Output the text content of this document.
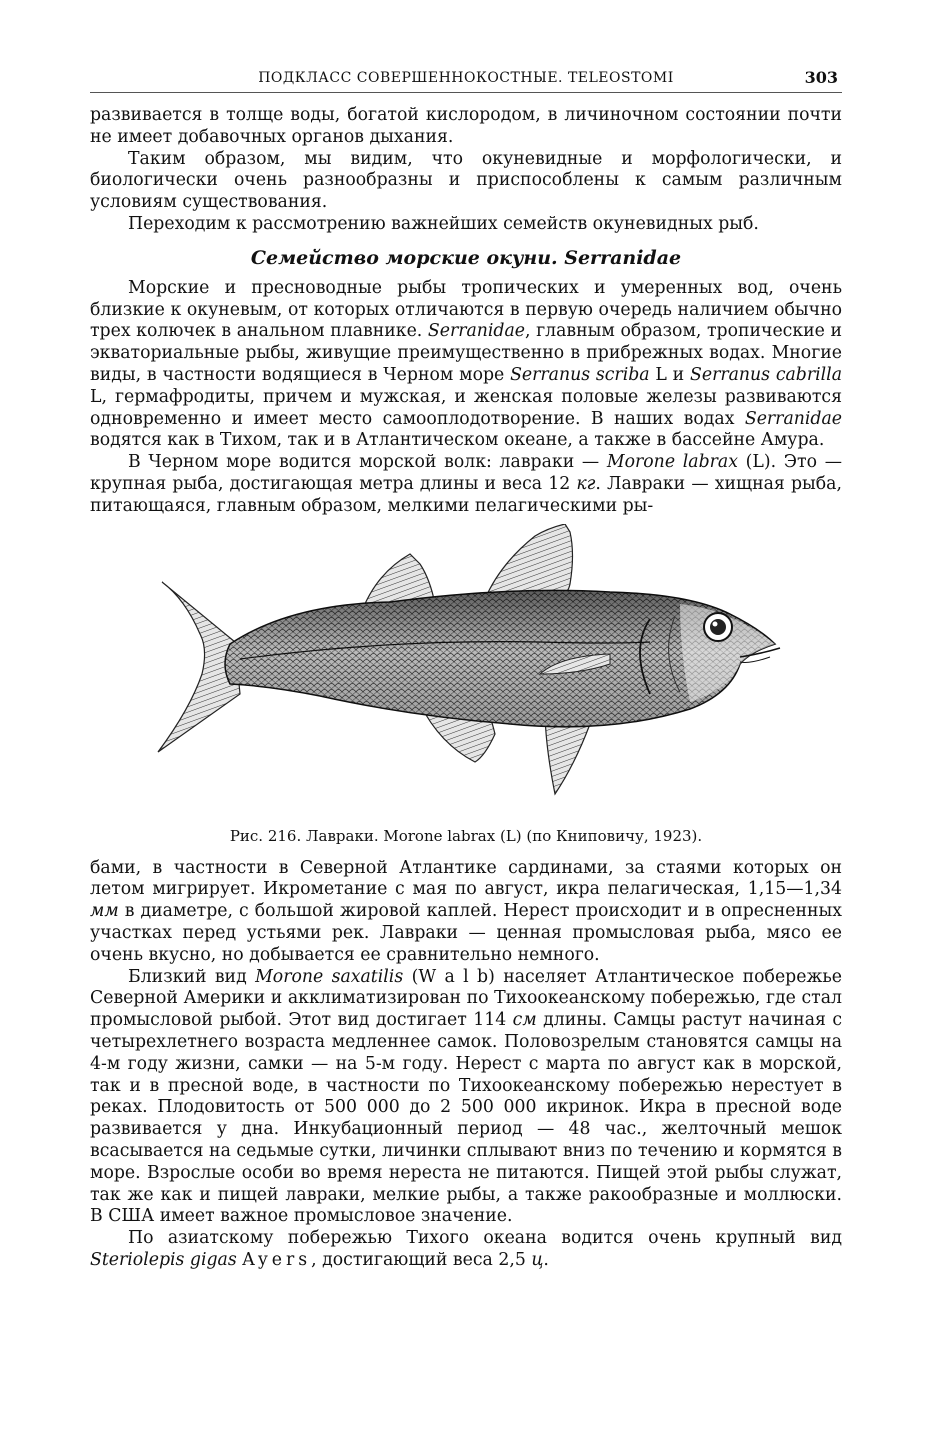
ПОДКЛАСС СОВЕРШЕННОКОСТНЫЕ. TELEOSTOMI	303

развивается в толще воды, богатой кислородом, в личиночном состоянии почти не имеет добавочных органов дыхания.

Таким образом, мы видим, что окуневидные и морфологически, и биологически очень разнообразны и приспособлены к самым различным условиям существования.

Переходим к рассмотрению важнейших семейств окуневидных рыб.

Семейство морские окуни. Serranidae

Морские и пресноводные рыбы тропических и умеренных вод, очень близкие к окуневым, от которых отличаются в первую очередь наличием обычно трех колючек в анальном плавнике. Serranidae, главным образом, тропические и экваториальные рыбы, живущие преимущественно в прибрежных водах. Многие виды, в частности водящиеся в Черном море Serranus scriba L и Serranus cabrilla L, гермафродиты, причем и мужская, и женская половые железы развиваются одновременно и имеет место самооплодотворение. В наших водах Serranidae водятся как в Тихом, так и в Атлантическом океане, а также в бассейне Амура.

В Черном море водится морской волк: лавраки — Morone labrax (L). Это — крупная рыба, достигающая метра длины и веса 12 кг. Лавраки — хищная рыба, питающаяся, главным образом, мелкими пелагическими ры-

Рис. 216. Лавраки. Morone labrax (L) (по Книповичу, 1923).

бами, в частности в Северной Атлантике сардинами, за стаями которых он летом мигрирует. Икрометание с мая по август, икра пелагическая, 1,15—1,34 мм в диаметре, с большой жировой каплей. Нерест происходит и в опресненных участках перед устьями рек. Лавраки — ценная промысловая рыба, мясо ее очень вкусно, но добывается ее сравнительно немного.

Близкий вид Morone saxatilis (W a l b) населяет Атлантическое побережье Северной Америки и акклиматизирован по Тихоокеанскому побережью, где стал промысловой рыбой. Этот вид достигает 114 см длины. Самцы растут начиная с четырехлетнего возраста медленнее самок. Половозрелым становятся самцы на 4-м году жизни, самки — на 5-м году. Нерест с марта по август как в морской, так и в пресной воде, в частности по Тихоокеанскому побережью нерестует в реках. Плодовитость от 500 000 до 2 500 000 икринок. Икра в пресной воде развивается у дна. Инкубационный период — 48 час., желточный мешок всасывается на седьмые сутки, личинки сплывают вниз по течению и кормятся в море. Взрослые особи во время нереста не питаются. Пищей этой рыбы служат, так же как и пищей лавраки, мелкие рыбы, а также ракообразные и моллюски. В США имеет важное промысловое значение.

По азиатскому побережью Тихого океана водится очень крупный вид Steriolepis gigas Ayers, достигающий веса 2,5 ц.
